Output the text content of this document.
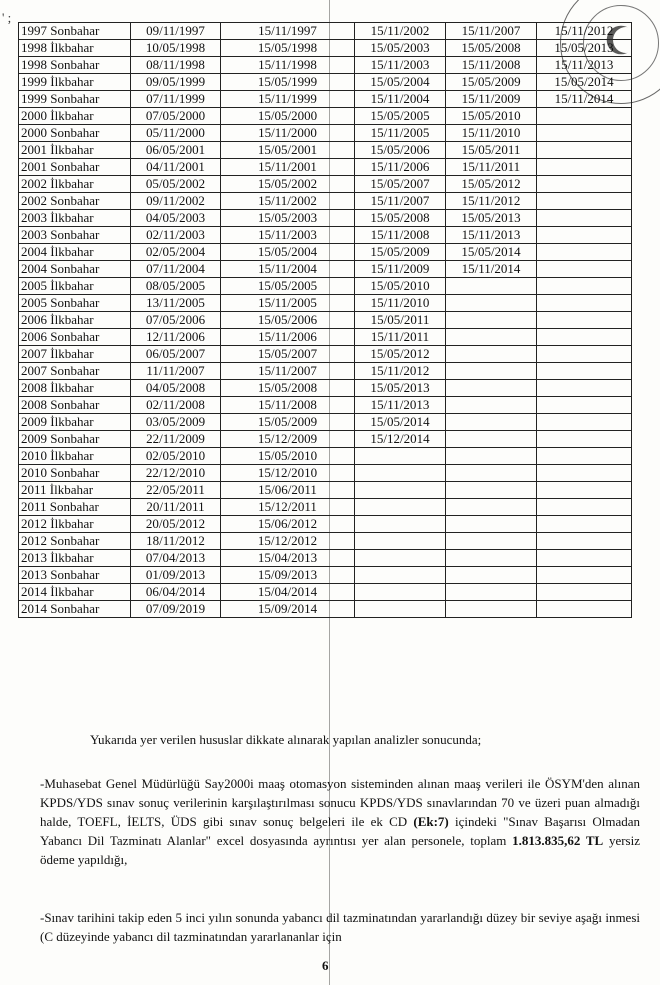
' ;
1997 Sonbahar	09/11/1997	15/11/1997	15/11/2002	15/11/2007	15/11/2012
1998 İlkbahar	10/05/1998	15/05/1998	15/05/2003	15/05/2008	15/05/2013
1998 Sonbahar	08/11/1998	15/11/1998	15/11/2003	15/11/2008	15/11/2013
1999 İlkbahar	09/05/1999	15/05/1999	15/05/2004	15/05/2009	15/05/2014
1999 Sonbahar	07/11/1999	15/11/1999	15/11/2004	15/11/2009	15/11/2014
2000 İlkbahar	07/05/2000	15/05/2000	15/05/2005	15/05/2010	
2000 Sonbahar	05/11/2000	15/11/2000	15/11/2005	15/11/2010	
2001 İlkbahar	06/05/2001	15/05/2001	15/05/2006	15/05/2011	
2001 Sonbahar	04/11/2001	15/11/2001	15/11/2006	15/11/2011	
2002 İlkbahar	05/05/2002	15/05/2002	15/05/2007	15/05/2012	
2002 Sonbahar	09/11/2002	15/11/2002	15/11/2007	15/11/2012	
2003 İlkbahar	04/05/2003	15/05/2003	15/05/2008	15/05/2013	
2003 Sonbahar	02/11/2003	15/11/2003	15/11/2008	15/11/2013	
2004 İlkbahar	02/05/2004	15/05/2004	15/05/2009	15/05/2014	
2004 Sonbahar	07/11/2004	15/11/2004	15/11/2009	15/11/2014	
2005 İlkbahar	08/05/2005	15/05/2005	15/05/2010		
2005 Sonbahar	13/11/2005	15/11/2005	15/11/2010		
2006 İlkbahar	07/05/2006	15/05/2006	15/05/2011		
2006 Sonbahar	12/11/2006	15/11/2006	15/11/2011		
2007 İlkbahar	06/05/2007	15/05/2007	15/05/2012		
2007 Sonbahar	11/11/2007	15/11/2007	15/11/2012		
2008 İlkbahar	04/05/2008	15/05/2008	15/05/2013		
2008 Sonbahar	02/11/2008	15/11/2008	15/11/2013		
2009 İlkbahar	03/05/2009	15/05/2009	15/05/2014		
2009 Sonbahar	22/11/2009	15/12/2009	15/12/2014		
2010 İlkbahar	02/05/2010	15/05/2010			
2010 Sonbahar	22/12/2010	15/12/2010			
2011 İlkbahar	22/05/2011	15/06/2011			
2011 Sonbahar	20/11/2011	15/12/2011			
2012 İlkbahar	20/05/2012	15/06/2012			
2012 Sonbahar	18/11/2012	15/12/2012			
2013 İlkbahar	07/04/2013	15/04/2013			
2013 Sonbahar	01/09/2013	15/09/2013			
2014 İlkbahar	06/04/2014	15/04/2014			
2014 Sonbahar	07/09/2019	15/09/2014			
Yukarıda yer verilen hususlar dikkate alınarak yapılan analizler sonucunda;
-Muhasebat Genel Müdürlüğü Say2000i maaş otomasyon sisteminden alınan maaş verileri ile ÖSYM'den alınan KPDS/YDS sınav sonuç verilerinin karşılaştırılması sonucu KPDS/YDS sınavlarından 70 ve üzeri puan almadığı halde, TOEFL, İELTS, ÜDS gibi sınav sonuç belgeleri ile ek CD (Ek:7) içindeki "Sınav Başarısı Olmadan Yabancı Dil Tazminatı Alanlar" excel dosyasında ayrıntısı yer alan personele, toplam 1.813.835,62 TL yersiz ödeme yapıldığı,
-Sınav tarihini takip eden 5 inci yılın sonunda yabancı dil tazminatından yararlandığı düzey bir seviye aşağı inmesi (C düzeyinde yabancı dil tazminatından yararlananlar için
6
